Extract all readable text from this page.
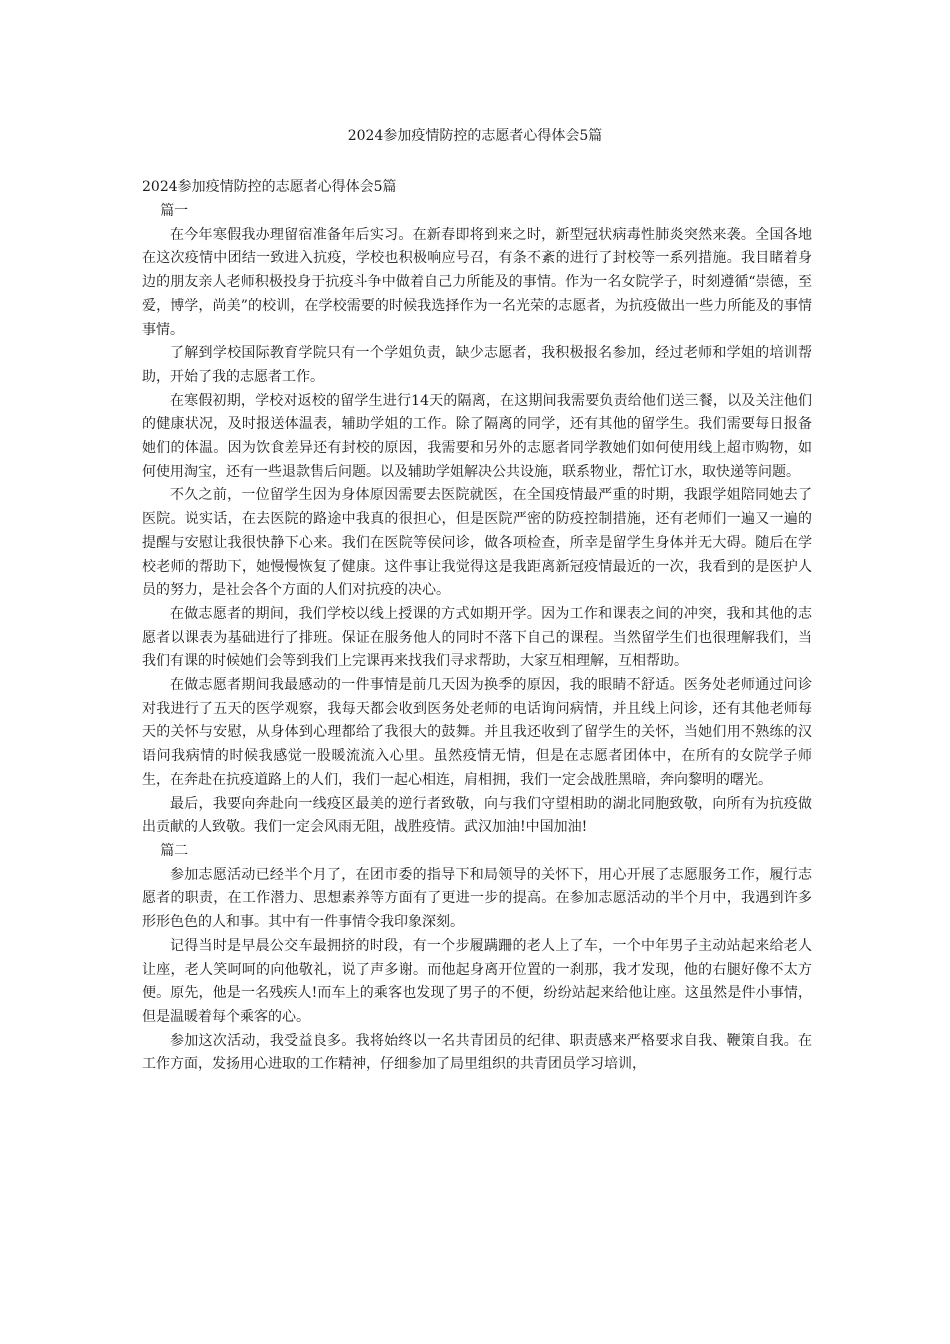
2024参加疫情防控的志愿者心得体会5篇
2024参加疫情防控的志愿者心得体会5篇

篇一

在今年寒假我办理留宿准备年后实习。在新春即将到来之时，新型冠状病毒性肺炎突然来袭。全国各地在这次疫情中团结一致进入抗疫，学校也积极响应号召，有条不紊的进行了封校等一系列措施。我目睹着身边的朋友亲人老师积极投身于抗疫斗争中做着自己力所能及的事情。作为一名女院学子，时刻遵循“崇德，至爱，博学，尚美”的校训，在学校需要的时候我选择作为一名光荣的志愿者，为抗疫做出一些力所能及的事情事情。

了解到学校国际教育学院只有一个学姐负责，缺少志愿者，我积极报名参加，经过老师和学姐的培训帮助，开始了我的志愿者工作。

在寒假初期，学校对返校的留学生进行14天的隔离，在这期间我需要负责给他们送三餐，以及关注他们的健康状况，及时报送体温表，辅助学姐的工作。除了隔离的同学，还有其他的留学生。我们需要每日报备她们的体温。因为饮食差异还有封校的原因，我需要和另外的志愿者同学教她们如何使用线上超市购物，如何使用淘宝，还有一些退款售后问题。以及辅助学姐解决公共设施，联系物业，帮忙订水，取快递等问题。

不久之前，一位留学生因为身体原因需要去医院就医，在全国疫情最严重的时期，我跟学姐陪同她去了医院。说实话，在去医院的路途中我真的很担心，但是医院严密的防疫控制措施，还有老师们一遍又一遍的提醒与安慰让我很快静下心来。我们在医院等侯问诊，做各项检查，所幸是留学生身体并无大碍。随后在学校老师的帮助下，她慢慢恢复了健康。这件事让我觉得这是我距离新冠疫情最近的一次，我看到的是医护人员的努力，是社会各个方面的人们对抗疫的决心。

在做志愿者的期间，我们学校以线上授课的方式如期开学。因为工作和课表之间的冲突，我和其他的志愿者以课表为基础进行了排班。保证在服务他人的同时不落下自己的课程。当然留学生们也很理解我们，当我们有课的时候她们会等到我们上完课再来找我们寻求帮助，大家互相理解，互相帮助。

在做志愿者期间我最感动的一件事情是前几天因为换季的原因，我的眼睛不舒适。医务处老师通过问诊对我进行了五天的医学观察，我每天都会收到医务处老师的电话询问病情，并且线上问诊，还有其他老师每天的关怀与安慰，从身体到心理都给了我很大的鼓舞。并且我还收到了留学生的关怀，当她们用不熟练的汉语问我病情的时候我感觉一股暖流流入心里。虽然疫情无情，但是在志愿者团体中，在所有的女院学子师生，在奔赴在抗疫道路上的人们，我们一起心相连，肩相拥，我们一定会战胜黑暗，奔向黎明的曙光。

最后，我要向奔赴向一线疫区最美的逆行者致敬，向与我们守望相助的湖北同胞致敬，向所有为抗疫做出贡献的人致敬。我们一定会风雨无阻，战胜疫情。武汉加油!中国加油!

篇二

参加志愿活动已经半个月了，在团市委的指导下和局领导的关怀下，用心开展了志愿服务工作，履行志愿者的职责，在工作潜力、思想素养等方面有了更进一步的提高。在参加志愿活动的半个月中，我遇到许多形形色色的人和事。其中有一件事情令我印象深刻。

记得当时是早晨公交车最拥挤的时段，有一个步履蹒跚的老人上了车，一个中年男子主动站起来给老人让座，老人笑呵呵的向他敬礼，说了声多谢。而他起身离开位置的一刹那，我才发现，他的右腿好像不太方便。原先，他是一名残疾人!而车上的乘客也发现了男子的不便，纷纷站起来给他让座。这虽然是件小事情，但是温暖着每个乘客的心。

参加这次活动，我受益良多。我将始终以一名共青团员的纪律、职责感来严格要求自我、鞭策自我。在工作方面，发扬用心进取的工作精神，仔细参加了局里组织的共青团员学习培训，
